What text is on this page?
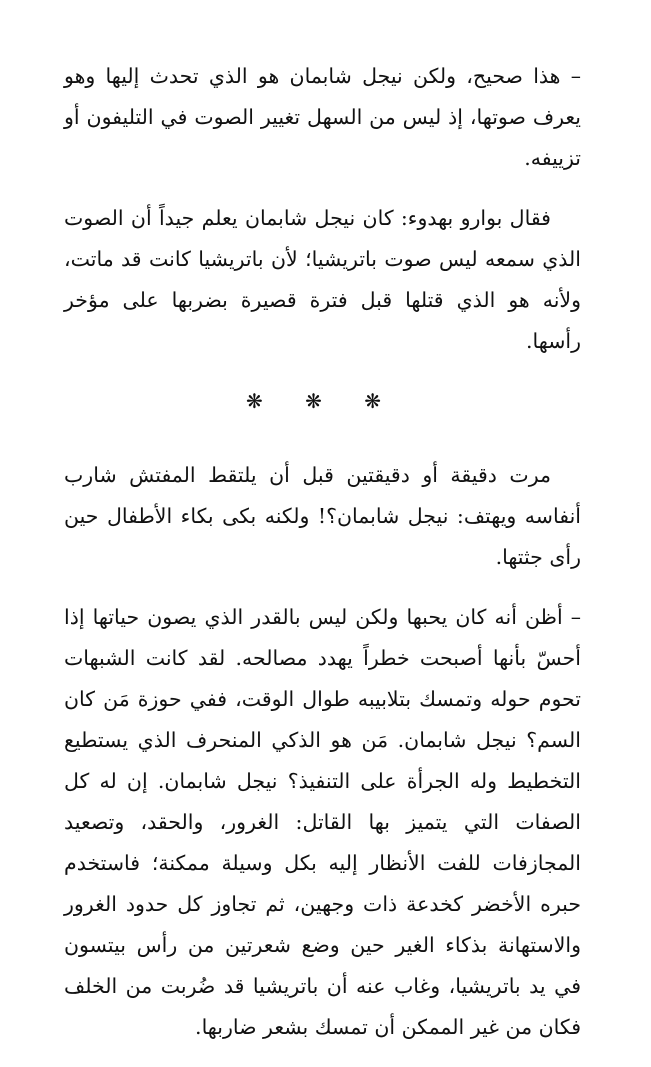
– هذا صحيح، ولكن نيجل شابمان هو الذي تحدث إليها وهو يعرف صوتها، إذ ليس من السهل تغيير الصوت في التليفون أو تزييفه.

فقال بوارو بهدوء: كان نيجل شابمان يعلم جيداً أن الصوت الذي سمعه ليس صوت باتريشيا؛ لأن باتريشيا كانت قد ماتت، ولأنه هو الذي قتلها قبل فترة قصيرة بضربها على مؤخر رأسها.

❋ ❋ ❋

مرت دقيقة أو دقيقتين قبل أن يلتقط المفتش شارب أنفاسه ويهتف: نيجل شابمان؟! ولكنه بكى بكاء الأطفال حين رأى جثتها.

– أظن أنه كان يحبها ولكن ليس بالقدر الذي يصون حياتها إذا أحسّ بأنها أصبحت خطراً يهدد مصالحه. لقد كانت الشبهات تحوم حوله وتمسك بتلابيبه طوال الوقت، ففي حوزة مَن كان السم؟ نيجل شابمان. مَن هو الذكي المنحرف الذي يستطيع التخطيط وله الجرأة على التنفيذ؟ نيجل شابمان. إن له كل الصفات التي يتميز بها القاتل: الغرور، والحقد، وتصعيد المجازفات للفت الأنظار إليه بكل وسيلة ممكنة؛ فاستخدم حبره الأخضر كخدعة ذات وجهين، ثم تجاوز كل حدود الغرور والاستهانة بذكاء الغير حين وضع شعرتين من رأس بيتسون في يد باتريشيا، وغاب عنه أن باتريشيا قد ضُربت من الخلف فكان من غير الممكن أن تمسك بشعر ضاربها.
